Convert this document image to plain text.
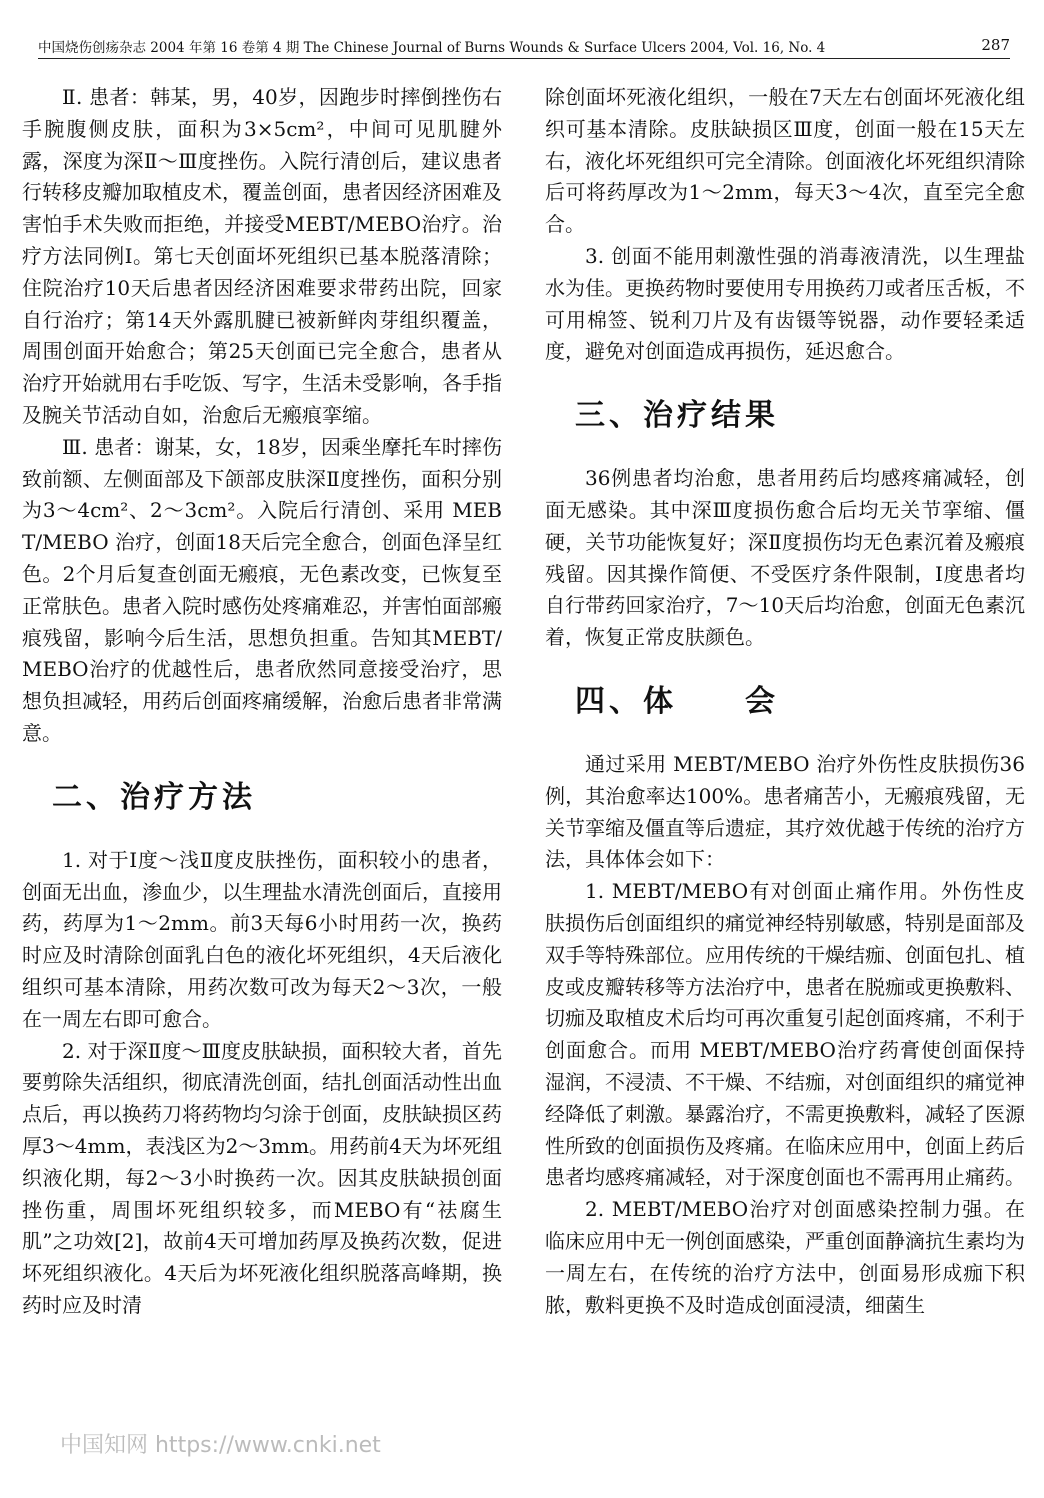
中国烧伤创疡杂志 2004 年第 16 卷第 4 期 The Chinese Journal of Burns Wounds & Surface Ulcers 2004, Vol. 16, No. 4	287

Ⅱ. 患者：韩某，男，40岁，因跑步时摔倒挫伤右手腕腹侧皮肤，面积为3×5cm²，中间可见肌腱外露，深度为深Ⅱ～Ⅲ度挫伤。入院行清创后，建议患者行转移皮瓣加取植皮术，覆盖创面，患者因经济困难及害怕手术失败而拒绝，并接受MEBT/MEBO治疗。治疗方法同例Ⅰ。第七天创面坏死组织已基本脱落清除；住院治疗10天后患者因经济困难要求带药出院，回家自行治疗；第14天外露肌腱已被新鲜肉芽组织覆盖，周围创面开始愈合；第25天创面已完全愈合，患者从治疗开始就用右手吃饭、写字，生活未受影响，各手指及腕关节活动自如，治愈后无瘢痕挛缩。

Ⅲ. 患者：谢某，女，18岁，因乘坐摩托车时摔伤致前额、左侧面部及下颌部皮肤深Ⅱ度挫伤，面积分别为3～4cm²、2～3cm²。入院后行清创、采用 MEBT/MEBO 治疗，创面18天后完全愈合，创面色泽呈红色。2个月后复查创面无瘢痕，无色素改变，已恢复至正常肤色。患者入院时感伤处疼痛难忍，并害怕面部瘢痕残留，影响今后生活，思想负担重。告知其MEBT/MEBO治疗的优越性后，患者欣然同意接受治疗，思想负担减轻，用药后创面疼痛缓解，治愈后患者非常满意。

二、治疗方法

1. 对于Ⅰ度～浅Ⅱ度皮肤挫伤，面积较小的患者，创面无出血，渗血少，以生理盐水清洗创面后，直接用药，药厚为1～2mm。前3天每6小时用药一次，换药时应及时清除创面乳白色的液化坏死组织，4天后液化组织可基本清除，用药次数可改为每天2～3次，一般在一周左右即可愈合。

2. 对于深Ⅱ度～Ⅲ度皮肤缺损，面积较大者，首先要剪除失活组织，彻底清洗创面，结扎创面活动性出血点后，再以换药刀将药物均匀涂于创面，皮肤缺损区药厚3～4mm，表浅区为2～3mm。用药前4天为坏死组织液化期，每2～3小时换药一次。因其皮肤缺损创面挫伤重，周围坏死组织较多，而MEBO有“祛腐生肌”之功效[2]，故前4天可增加药厚及换药次数，促进坏死组织液化。4天后为坏死液化组织脱落高峰期，换药时应及时清

除创面坏死液化组织，一般在7天左右创面坏死液化组织可基本清除。皮肤缺损区Ⅲ度，创面一般在15天左右，液化坏死组织可完全清除。创面液化坏死组织清除后可将药厚改为1～2mm，每天3～4次，直至完全愈合。

3. 创面不能用刺激性强的消毒液清洗，以生理盐水为佳。更换药物时要使用专用换药刀或者压舌板，不可用棉签、锐利刀片及有齿镊等锐器，动作要轻柔适度，避免对创面造成再损伤，延迟愈合。

三、治疗结果

36例患者均治愈，患者用药后均感疼痛减轻，创面无感染。其中深Ⅲ度损伤愈合后均无关节挛缩、僵硬，关节功能恢复好；深Ⅱ度损伤均无色素沉着及瘢痕残留。因其操作简便、不受医疗条件限制，Ⅰ度患者均自行带药回家治疗，7～10天后均治愈，创面无色素沉着，恢复正常皮肤颜色。

四、体　　会

通过采用 MEBT/MEBO 治疗外伤性皮肤损伤36例，其治愈率达100%。患者痛苦小，无瘢痕残留，无关节挛缩及僵直等后遗症，其疗效优越于传统的治疗方法，具体体会如下：

1. MEBT/MEBO有对创面止痛作用。外伤性皮肤损伤后创面组织的痛觉神经特别敏感，特别是面部及双手等特殊部位。应用传统的干燥结痂、创面包扎、植皮或皮瓣转移等方法治疗中，患者在脱痂或更换敷料、切痂及取植皮术后均可再次重复引起创面疼痛，不利于创面愈合。而用 MEBT/MEBO治疗药膏使创面保持湿润，不浸渍、不干燥、不结痂，对创面组织的痛觉神经降低了刺激。暴露治疗，不需更换敷料，减轻了医源性所致的创面损伤及疼痛。在临床应用中，创面上药后患者均感疼痛减轻，对于深度创面也不需再用止痛药。

2. MEBT/MEBO治疗对创面感染控制力强。在临床应用中无一例创面感染，严重创面静滴抗生素均为一周左右，在传统的治疗方法中，创面易形成痂下积脓，敷料更换不及时造成创面浸渍，细菌生

中国知网 https://www.cnki.net
